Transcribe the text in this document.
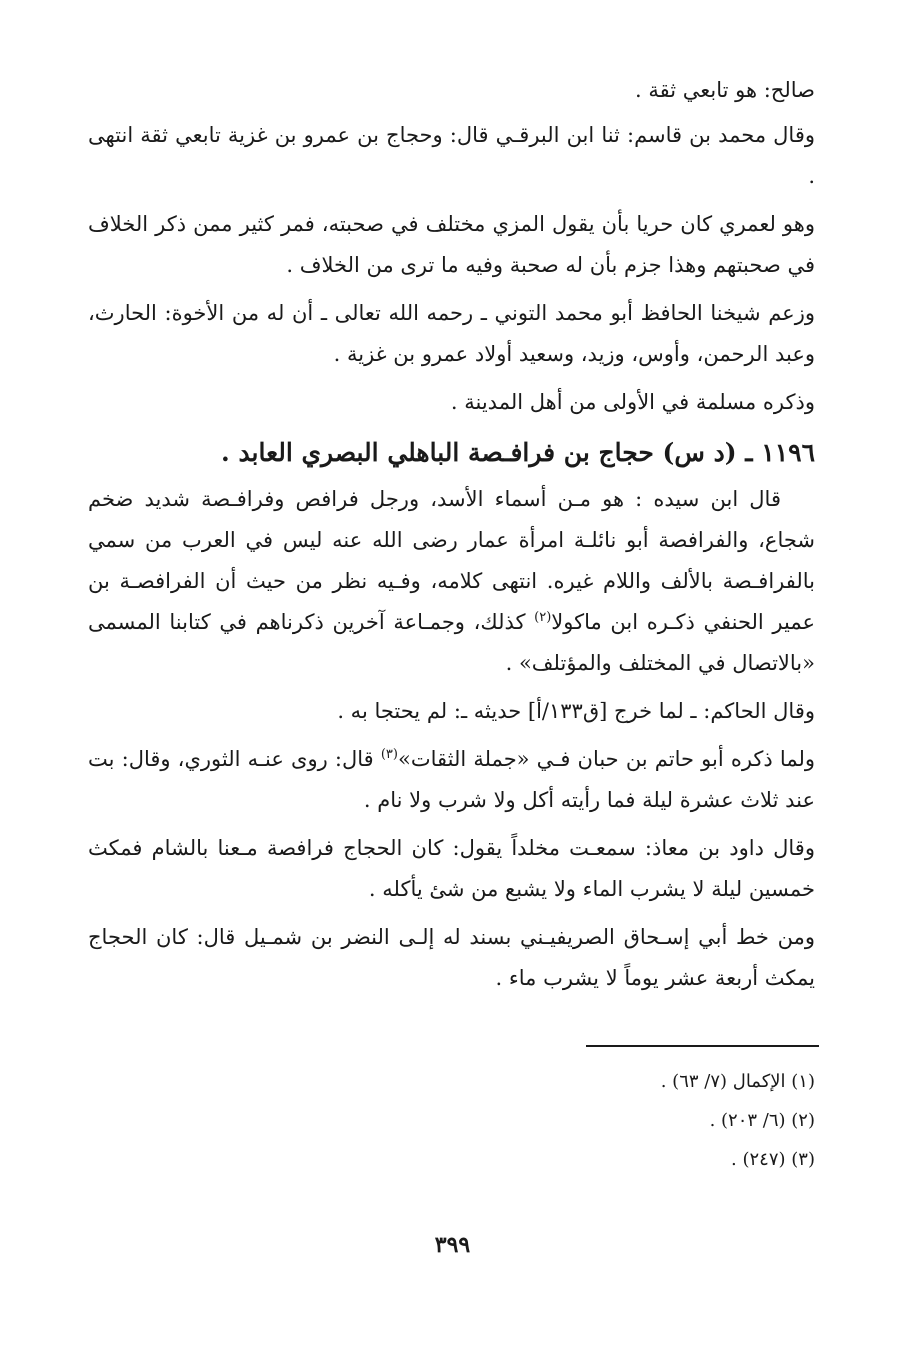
صالح: هو تابعي ثقة .

وقال محمد بن قاسم: ثنا ابن البرقـي قال: وحجاج بن عمرو بن غزية تابعي ثقة انتهى .

وهو لعمري كان حريا بأن يقول المزي مختلف في صحبته، فمر كثير ممن ذكر الخلاف في صحبتهم وهذا جزم بأن له صحبة وفيه ما ترى من الخلاف .

وزعم شيخنا الحافظ أبو محمد التوني ـ رحمه الله تعالى ـ أن له من الأخوة: الحارث، وعبد الرحمن، وأوس، وزيد، وسعيد أولاد عمرو بن غزية .

وذكره مسلمة في الأولى من أهل المدينة .

١١٩٦ ـ (د س) حجاج بن فرافـصة الباهلي البصري العابد .

قال ابن سيده : هو مـن أسماء الأسد، ورجل فرافص وفرافـصة شديد ضخم شجاع، والفرافصة أبو نائلـة امرأة عمار رضى الله عنه ليس في العرب من سمي بالفرافـصة بالألف واللام غيره. انتهى كلامه، وفـيه نظر من حيث أن الفرافصـة بن عمير الحنفي ذكـره ابن ماكولا$^{(٢)}$ كذلك، وجمـاعة آخرين ذكرناهم في كتابنا المسمى «بالاتصال في المختلف والمؤتلف» .

وقال الحاكم: ـ لما خرج [ق١٣٣/أ] حديثه ـ: لم يحتجا به .

ولما ذكره أبو حاتم بن حبان فـي «جملة الثقات»$^{(٣)}$ قال: روى عنـه الثوري، وقال: بت عند ثلاث عشرة ليلة فما رأيته أكل ولا شرب ولا نام .

وقال داود بن معاذ: سمعـت مخلداً يقول: كان الحجاج فرافصة مـعنا بالشام فمكث خمسين ليلة لا يشرب الماء ولا يشبع من شئ يأكله .

ومن خط أبي إسـحاق الصريفيـني بسند له إلـى النضر بن شمـيل قال: كان الحجاج يمكث أربعة عشر يوماً لا يشرب ماء .

(١) الإكمال (٧/ ٦٣) .

(٢) (٦/ ٢٠٣) .

(٣) (٢٤٧) .

٣٩٩
